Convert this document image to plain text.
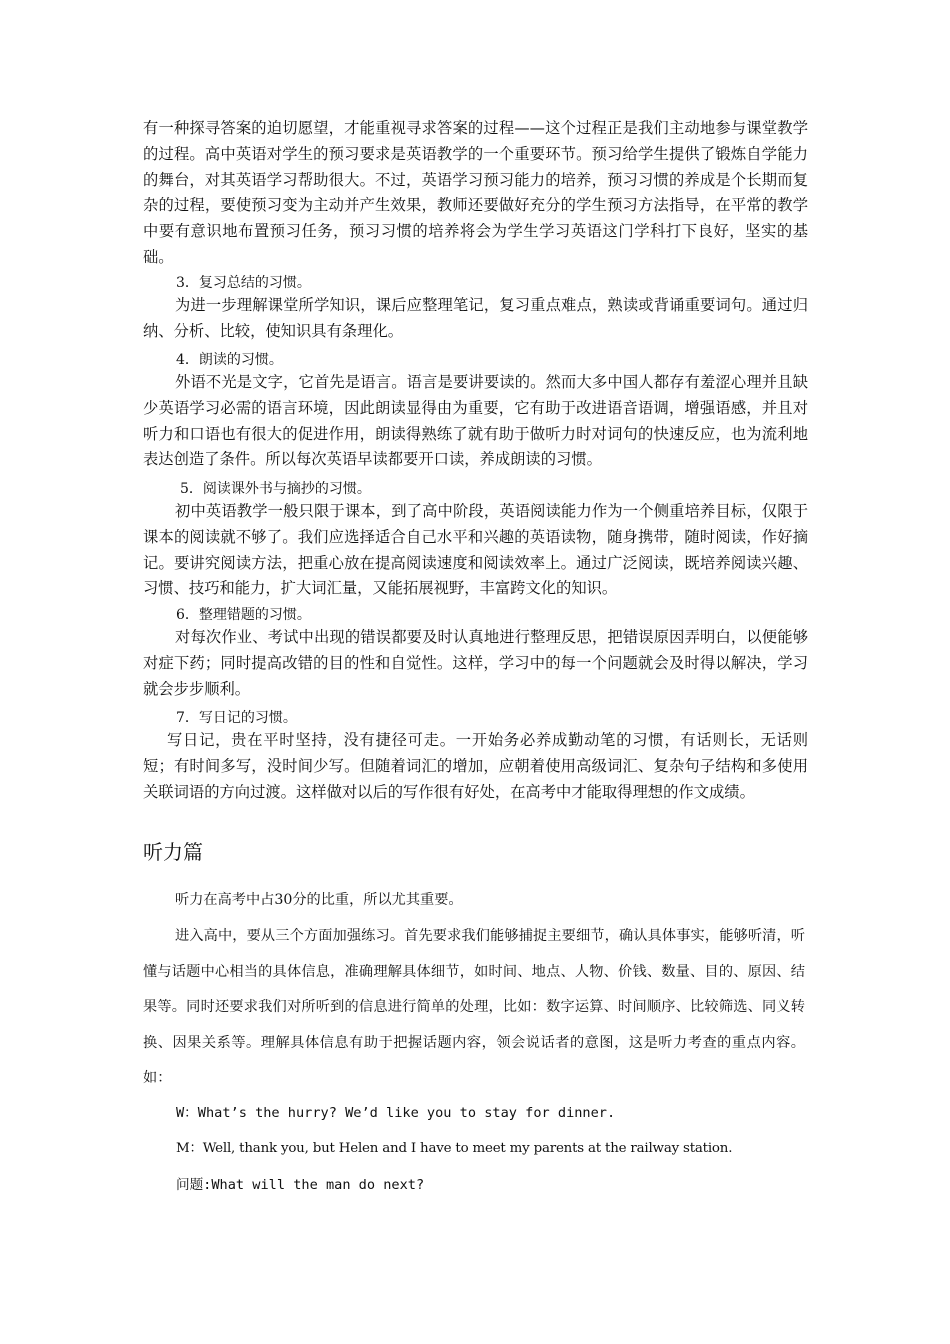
有一种探寻答案的迫切愿望，才能重视寻求答案的过程——这个过程正是我们主动地参与课堂教学的过程。高中英语对学生的预习要求是英语教学的一个重要环节。预习给学生提供了锻炼自学能力的舞台，对其英语学习帮助很大。不过，英语学习预习能力的培养，预习习惯的养成是个长期而复杂的过程，要使预习变为主动并产生效果，教师还要做好充分的学生预习方法指导，在平常的教学中要有意识地布置预习任务，预习习惯的培养将会为学生学习英语这门学科打下良好，坚实的基础。

3．复习总结的习惯。

为进一步理解课堂所学知识，课后应整理笔记，复习重点难点，熟读或背诵重要词句。通过归纳、分析、比较，使知识具有条理化。

4．朗读的习惯。

外语不光是文字，它首先是语言。语言是要讲要读的。然而大多中国人都存有羞涩心理并且缺少英语学习必需的语言环境，因此朗读显得由为重要，它有助于改进语音语调，增强语感，并且对听力和口语也有很大的促进作用，朗读得熟练了就有助于做听力时对词句的快速反应，也为流利地表达创造了条件。所以每次英语早读都要开口读，养成朗读的习惯。

5．阅读课外书与摘抄的习惯。

初中英语教学一般只限于课本，到了高中阶段，英语阅读能力作为一个侧重培养目标，仅限于课本的阅读就不够了。我们应选择适合自己水平和兴趣的英语读物，随身携带，随时阅读，作好摘记。要讲究阅读方法，把重心放在提高阅读速度和阅读效率上。通过广泛阅读，既培养阅读兴趣、习惯、技巧和能力，扩大词汇量，又能拓展视野，丰富跨文化的知识。

6．整理错题的习惯。

对每次作业、考试中出现的错误都要及时认真地进行整理反思，把错误原因弄明白，以便能够对症下药；同时提高改错的目的性和自觉性。这样，学习中的每一个问题就会及时得以解决，学习就会步步顺利。

7．写日记的习惯。

写日记，贵在平时坚持，没有捷径可走。一开始务必养成勤动笔的习惯，有话则长，无话则短；有时间多写，没时间少写。但随着词汇的增加，应朝着使用高级词汇、复杂句子结构和多使用关联词语的方向过渡。这样做对以后的写作很有好处，在高考中才能取得理想的作文成绩。

听力篇

听力在高考中占30分的比重，所以尤其重要。

进入高中，要从三个方面加强练习。首先要求我们能够捕捉主要细节，确认具体事实，能够听清，听懂与话题中心相当的具体信息，准确理解具体细节，如时间、地点、人物、价钱、数量、目的、原因、结果等。同时还要求我们对所听到的信息进行简单的处理，比如：数字运算、时间顺序、比较筛选、同义转换、因果关系等。理解具体信息有助于把握话题内容，领会说话者的意图，这是听力考查的重点内容。如：

W：What’s the hurry? We’d like you to stay for dinner.

M：Well, thank you, but Helen and I have to meet my parents at the railway station.

问题:What will the man do next?
